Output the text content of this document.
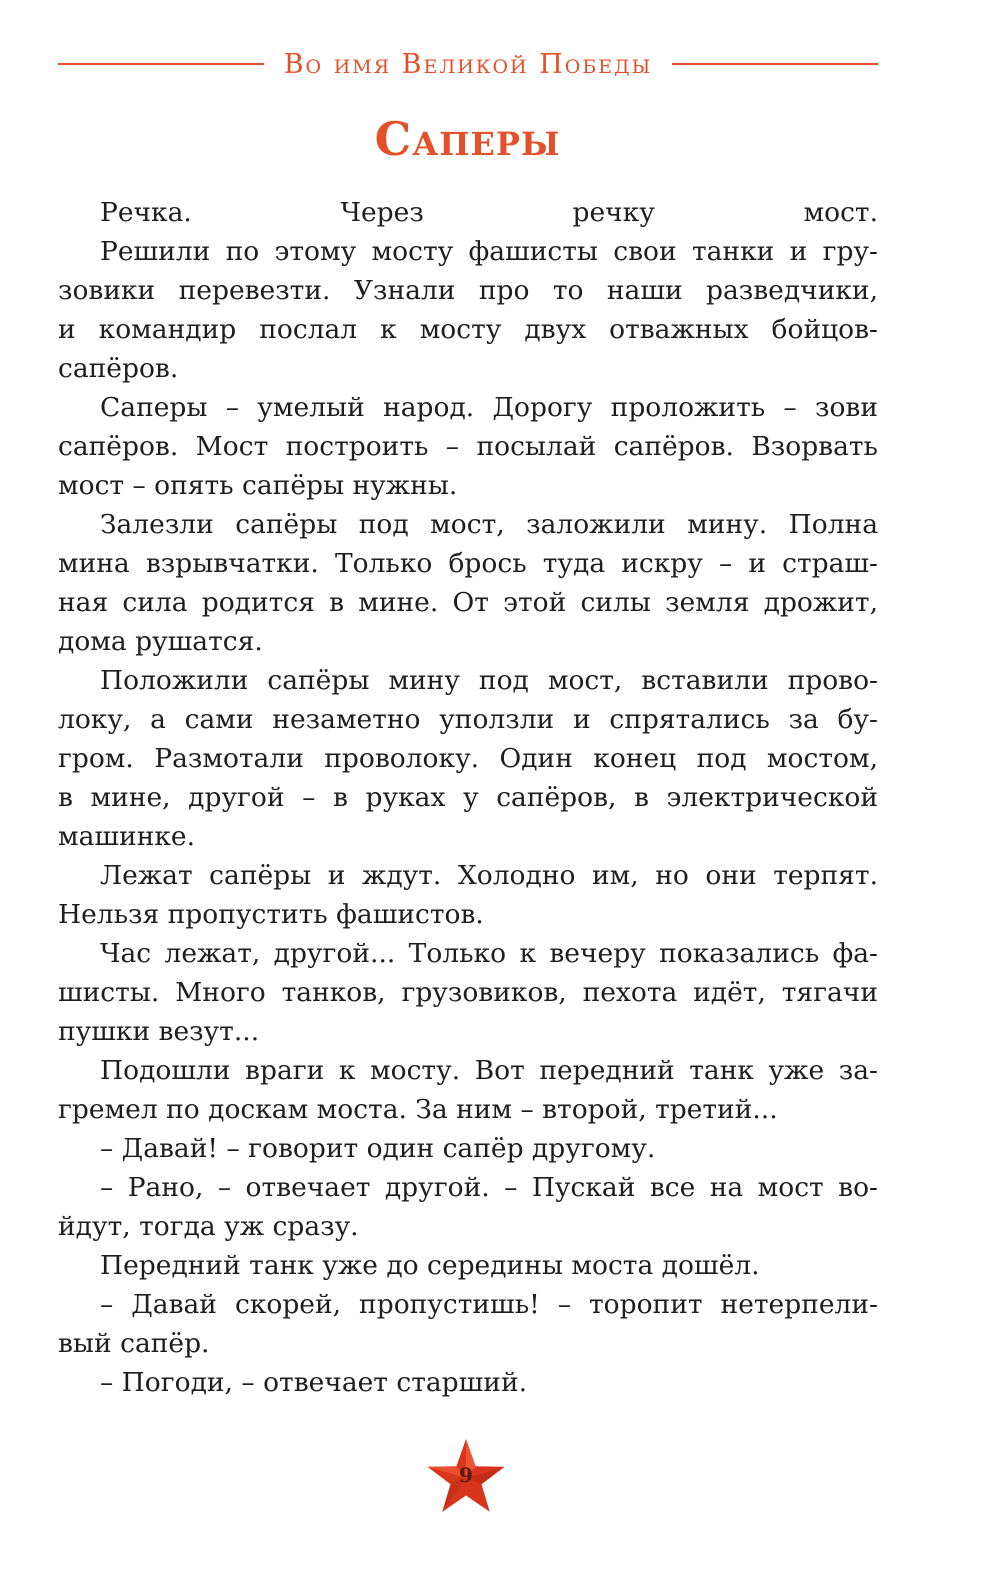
Во имя Великой Победы
Саперы
Речка. Через речку мост.
Решили по этому мосту фашисты свои танки и гру-
зовики перевезти. Узнали про то наши разведчики,
и командир послал к мосту двух отважных бойцов-
сапёров.
Саперы – умелый народ. Дорогу проложить – зови
сапёров. Мост построить – посылай сапёров. Взорвать
мост – опять сапёры нужны.
Залезли сапёры под мост, заложили мину. Полна
мина взрывчатки. Только брось туда искру – и страш-
ная сила родится в мине. От этой силы земля дрожит,
дома рушатся.
Положили сапёры мину под мост, вставили прово-
локу, а сами незаметно уползли и спрятались за бу-
гром. Размотали проволоку. Один конец под мостом,
в мине, другой – в руках у сапёров, в электрической
машинке.
Лежат сапёры и ждут. Холодно им, но они терпят.
Нельзя пропустить фашистов.
Час лежат, другой... Только к вечеру показались фа-
шисты. Много танков, грузовиков, пехота идёт, тягачи
пушки везут...
Подошли враги к мосту. Вот передний танк уже за-
гремел по доскам моста. За ним – второй, третий...
– Давай! – говорит один сапёр другому.
– Рано, – отвечает другой. – Пускай все на мост во-
йдут, тогда уж сразу.
Передний танк уже до середины моста дошёл.
– Давай скорей, пропустишь! – торопит нетерпели-
вый сапёр.
– Погоди, – отвечает старший.
9
